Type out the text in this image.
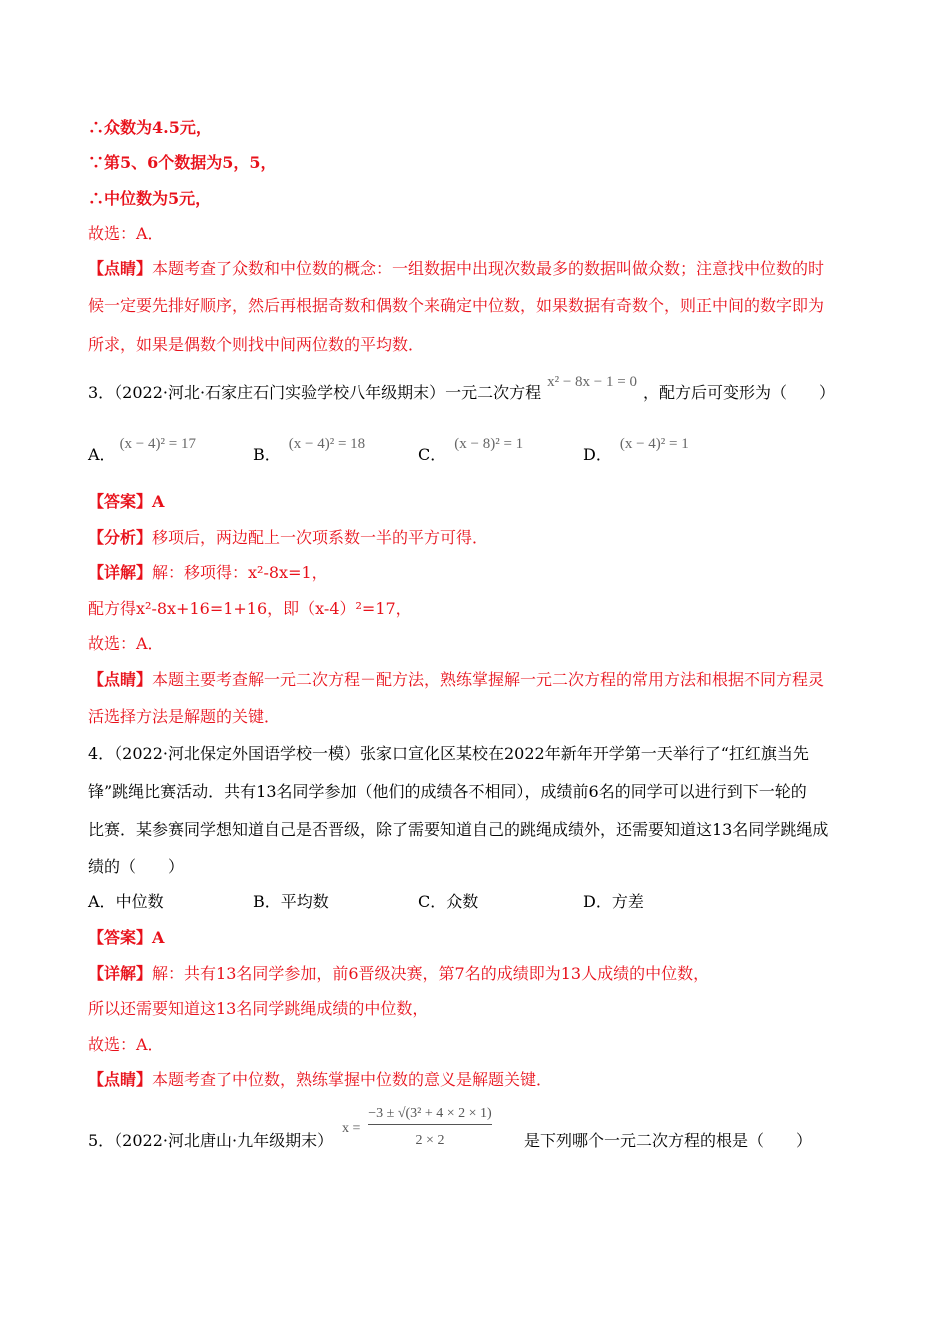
∴众数为4.5元，
∵第5、6个数据为5，5，
∴中位数为5元，
故选：A．
【点睛】本题考查了众数和中位数的概念：一组数据中出现次数最多的数据叫做众数；注意找中位数的时
候一定要先排好顺序，然后再根据奇数和偶数个来确定中位数，如果数据有奇数个，则正中间的数字即为
所求，如果是偶数个则找中间两位数的平均数．
3．（2022·河北·石家庄石门实验学校八年级期末）一元二次方程x² − 8x − 1 = 0，配方后可变形为（　　）
A．(x − 4)² = 17
B．(x − 4)² = 18
C．(x − 8)² = 1
D．(x − 4)² = 1
【答案】A
【分析】移项后，两边配上一次项系数一半的平方可得．
【详解】解：移项得：x²-8x=1，
配方得x²-8x+16=1+16，即（x-4）²=17，
故选：A．
【点睛】本题主要考查解一元二次方程－配方法，熟练掌握解一元二次方程的常用方法和根据不同方程灵
活选择方法是解题的关键．
4．（2022·河北保定外国语学校一模）张家口宣化区某校在2022年新年开学第一天举行了“扛红旗当先
锋”跳绳比赛活动．共有13名同学参加（他们的成绩各不相同），成绩前6名的同学可以进行到下一轮的
比赛．某参赛同学想知道自己是否晋级，除了需要知道自己的跳绳成绩外，还需要知道这13名同学跳绳成
绩的（　　）
A．中位数	B．平均数	C．众数	D．方差
【答案】A
【详解】解：共有13名同学参加，前6晋级决赛，第7名的成绩即为13人成绩的中位数，
所以还需要知道这13名同学跳绳成绩的中位数，
故选：A．
【点睛】本题考查了中位数，熟练掌握中位数的意义是解题关键．
5．（2022·河北唐山·九年级期末）
x =
−3 ± √(3² + 4 × 2 × 1)
2 × 2	是下列哪个一元二次方程的根是（　　）
